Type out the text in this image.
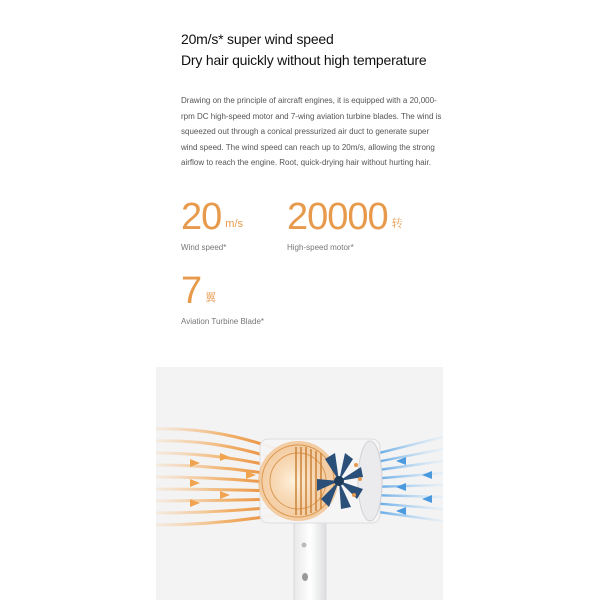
20m/s* super wind speed
Dry hair quickly without high temperature
Drawing on the principle of aircraft engines, it is equipped with a 20,000-rpm DC high-speed motor and 7-wing aviation turbine blades. The wind is squeezed out through a conical pressurized air duct to generate super wind speed. The wind speed can reach up to 20m/s, allowing the strong airflow to reach the engine. Root, quick-drying hair without hurting hair.
20 m/s
Wind speed*
20000 转
High-speed motor*
7 翼
Aviation Turbine Blade*
